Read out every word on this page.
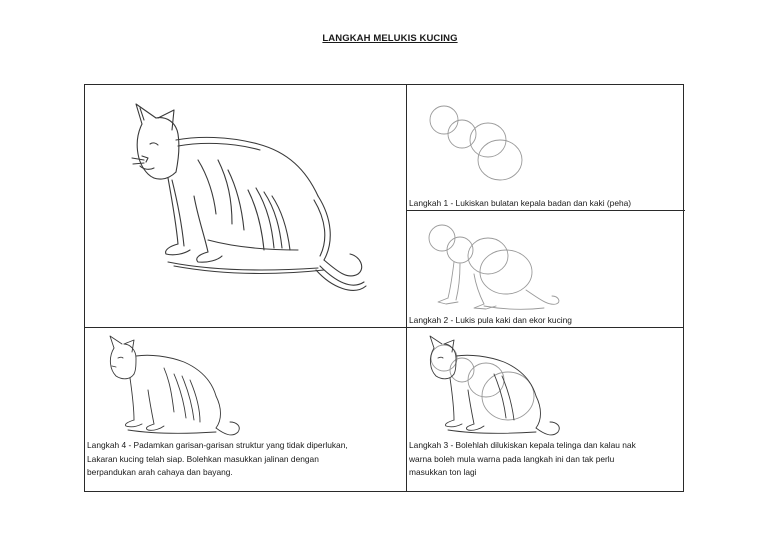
LANGKAH MELUKIS KUCING
Langkah 1 - Lukiskan bulatan kepala badan dan kaki (peha)
Langkah 2 - Lukis pula kaki dan ekor kucing
Langkah 4 - Padamkan garisan-garisan struktur yang tidak diperlukan,
Lakaran kucing telah siap. Bolehkan masukkan jalinan dengan
berpandukan arah cahaya dan bayang.
Langkah 3 - Bolehlah dilukiskan kepala telinga dan kalau nak
warna boleh mula warna pada langkah ini dan tak perlu
masukkan ton lagi
